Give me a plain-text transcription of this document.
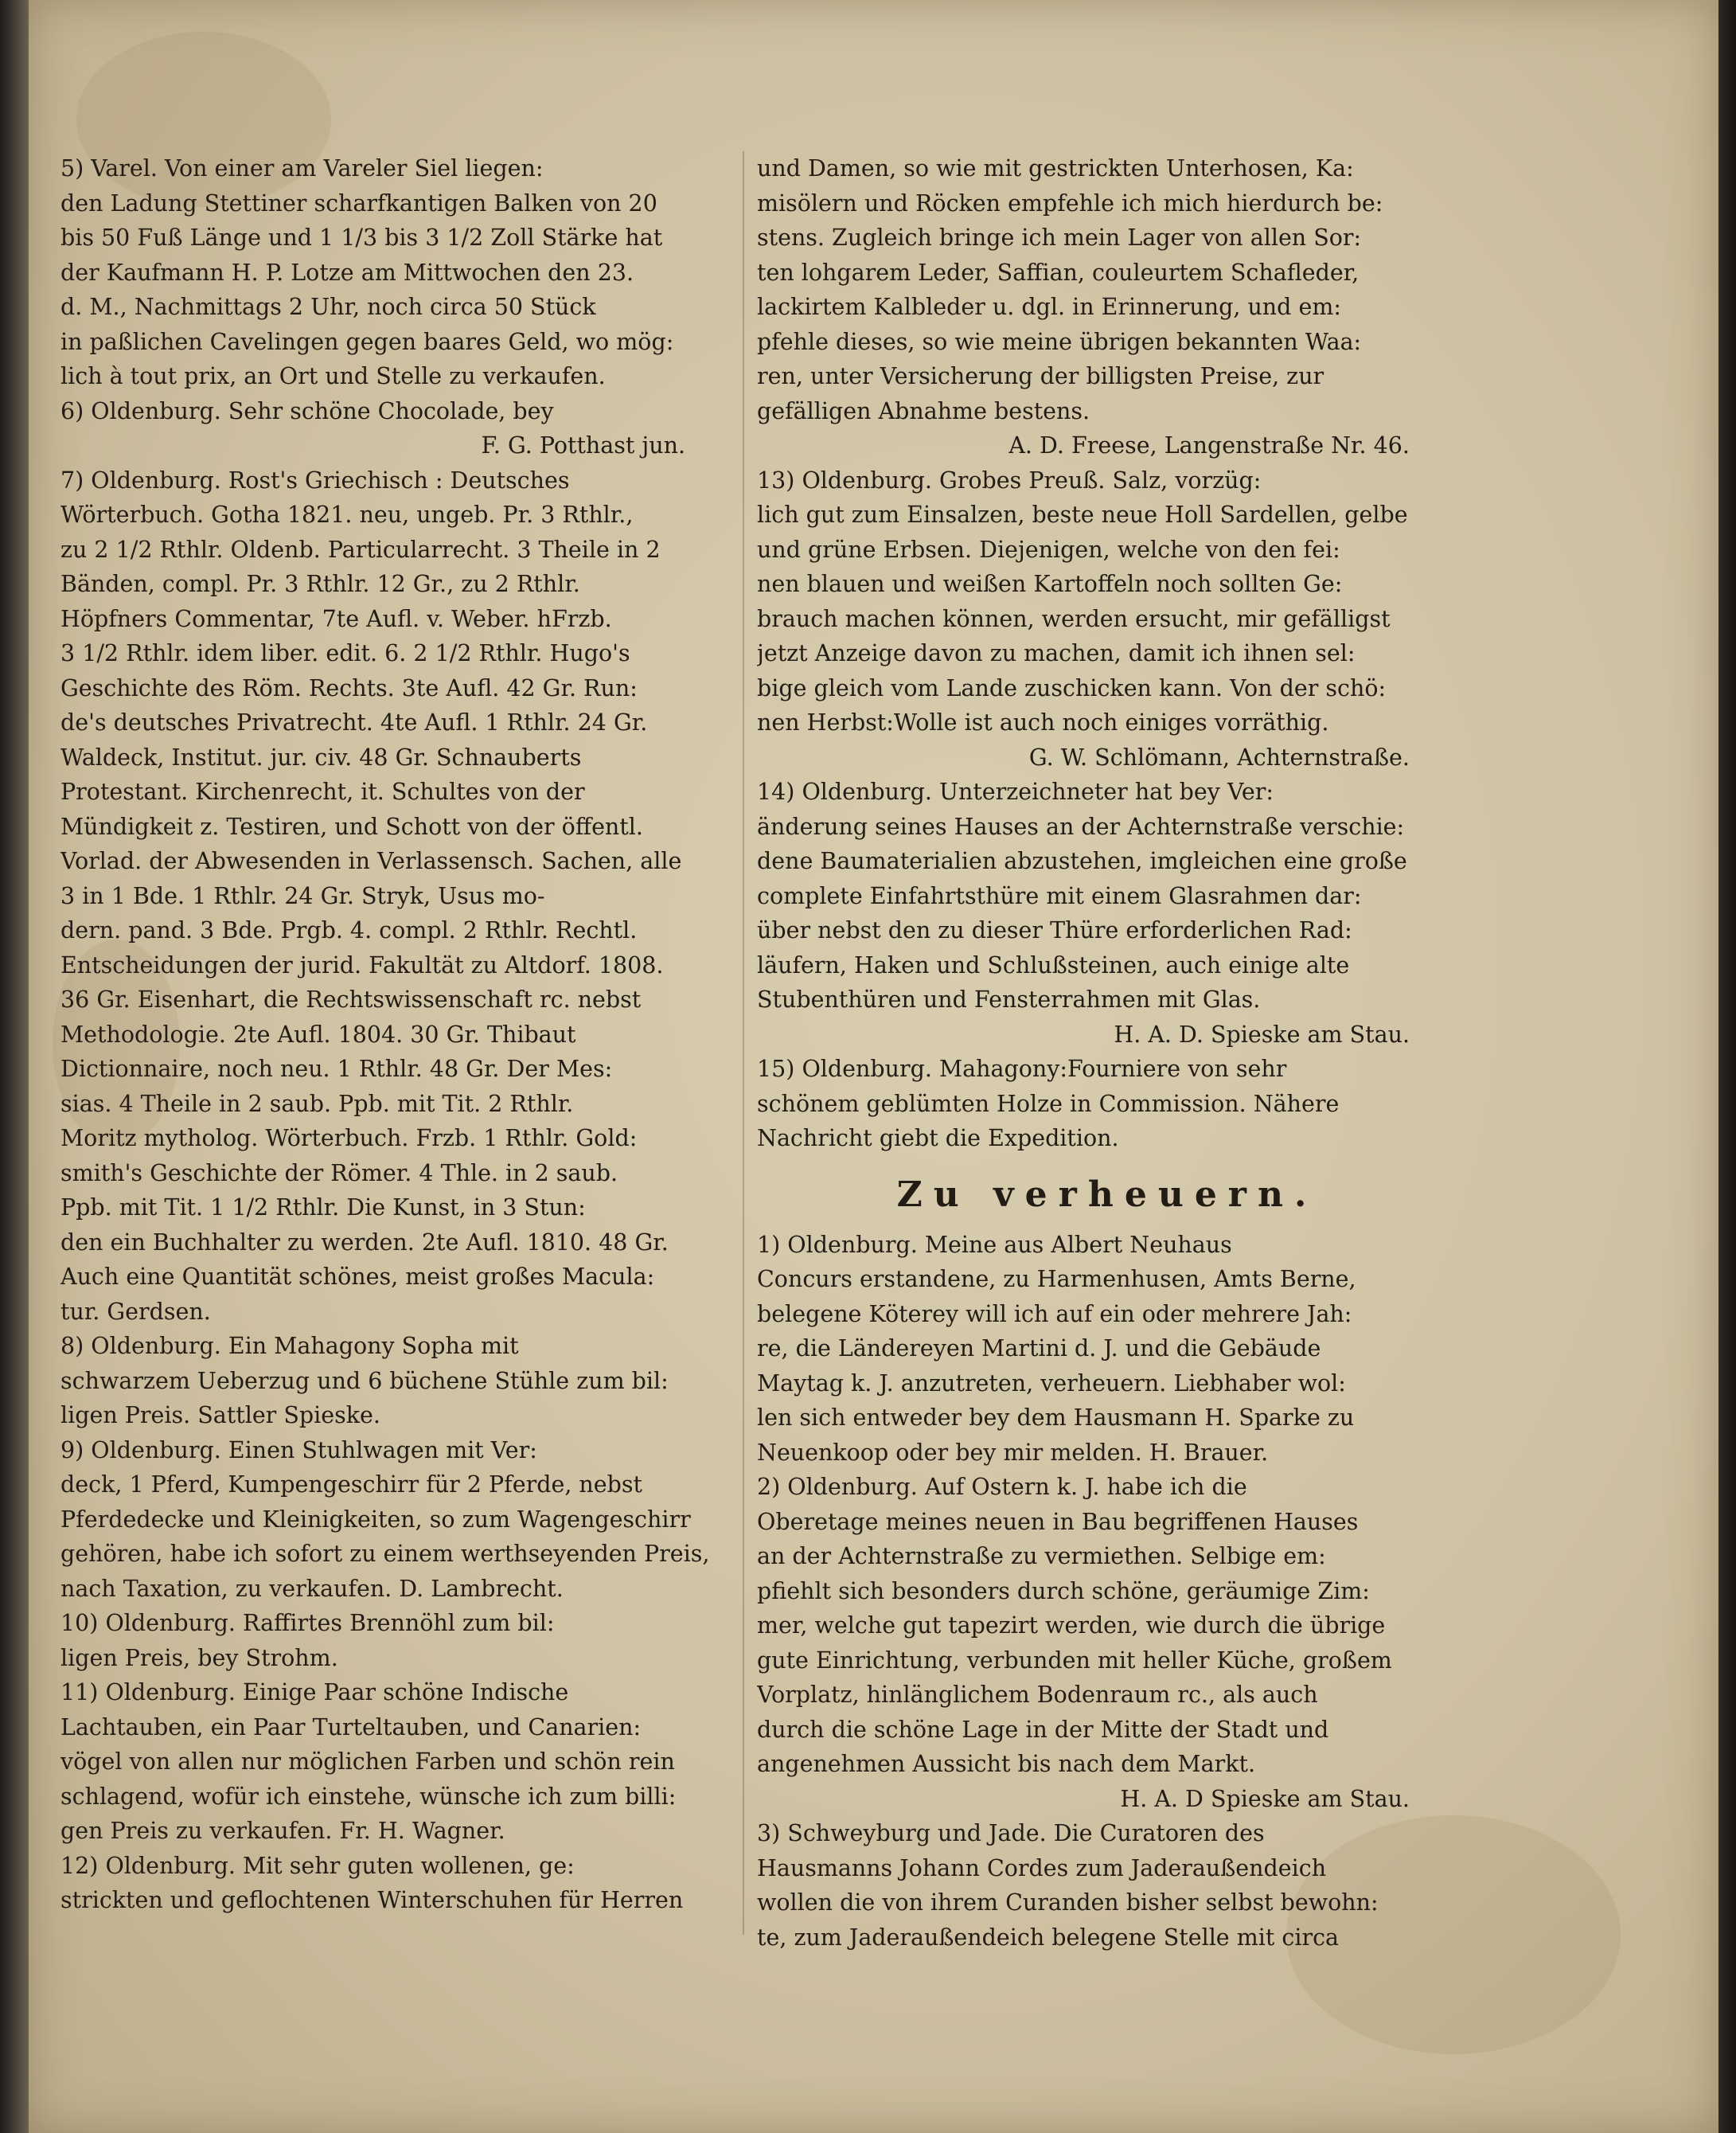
5) Varel. Von einer am Vareler Siel liegen:
den Ladung Stettiner scharfkantigen Balken von 20
bis 50 Fuß Länge und 1 1/3 bis 3 1/2 Zoll Stärke hat
der Kaufmann H. P. Lotze am Mittwochen den 23.
d. M., Nachmittags 2 Uhr, noch circa 50 Stück
in paßlichen Cavelingen gegen baares Geld, wo mög:
lich à tout prix, an Ort und Stelle zu verkaufen.
6) Oldenburg. Sehr schöne Chocolade, bey
F. G. Potthast jun.
7) Oldenburg. Rost's Griechisch : Deutsches
Wörterbuch. Gotha 1821. neu, ungeb. Pr. 3 Rthlr.,
zu 2 1/2 Rthlr. Oldenb. Particularrecht. 3 Theile in 2
Bänden, compl. Pr. 3 Rthlr. 12 Gr., zu 2 Rthlr.
Höpfners Commentar, 7te Aufl. v. Weber. hFrzb.
3 1/2 Rthlr. idem liber. edit. 6. 2 1/2 Rthlr. Hugo's
Geschichte des Röm. Rechts. 3te Aufl. 42 Gr. Run:
de's deutsches Privatrecht. 4te Aufl. 1 Rthlr. 24 Gr.
Waldeck, Institut. jur. civ. 48 Gr. Schnauberts
Protestant. Kirchenrecht, it. Schultes von der
Mündigkeit z. Testiren, und Schott von der öffentl.
Vorlad. der Abwesenden in Verlassensch. Sachen, alle
3 in 1 Bde. 1 Rthlr. 24 Gr. Stryk, Usus mo-
dern. pand. 3 Bde. Prgb. 4. compl. 2 Rthlr. Rechtl.
Entscheidungen der jurid. Fakultät zu Altdorf. 1808.
36 Gr. Eisenhart, die Rechtswissenschaft rc. nebst
Methodologie. 2te Aufl. 1804. 30 Gr. Thibaut
Dictionnaire, noch neu. 1 Rthlr. 48 Gr. Der Mes:
sias. 4 Theile in 2 saub. Ppb. mit Tit. 2 Rthlr.
Moritz mytholog. Wörterbuch. Frzb. 1 Rthlr. Gold:
smith's Geschichte der Römer. 4 Thle. in 2 saub.
Ppb. mit Tit. 1 1/2 Rthlr. Die Kunst, in 3 Stun:
den ein Buchhalter zu werden. 2te Aufl. 1810. 48 Gr.
Auch eine Quantität schönes, meist großes Macula:
tur. Gerdsen.
8) Oldenburg. Ein Mahagony Sopha mit
schwarzem Ueberzug und 6 büchene Stühle zum bil:
ligen Preis. Sattler Spieske.
9) Oldenburg. Einen Stuhlwagen mit Ver:
deck, 1 Pferd, Kumpengeschirr für 2 Pferde, nebst
Pferdedecke und Kleinigkeiten, so zum Wagengeschirr
gehören, habe ich sofort zu einem werthseyenden Preis,
nach Taxation, zu verkaufen. D. Lambrecht.
10) Oldenburg. Raffirtes Brennöhl zum bil:
ligen Preis, bey Strohm.
11) Oldenburg. Einige Paar schöne Indische
Lachtauben, ein Paar Turteltauben, und Canarien:
vögel von allen nur möglichen Farben und schön rein
schlagend, wofür ich einstehe, wünsche ich zum billi:
gen Preis zu verkaufen. Fr. H. Wagner.
12) Oldenburg. Mit sehr guten wollenen, ge:
strickten und geflochtenen Winterschuhen für Herren
und Damen, so wie mit gestrickten Unterhosen, Ka:
misölern und Röcken empfehle ich mich hierdurch be:
stens. Zugleich bringe ich mein Lager von allen Sor:
ten lohgarem Leder, Saffian, couleurtem Schafleder,
lackirtem Kalbleder u. dgl. in Erinnerung, und em:
pfehle dieses, so wie meine übrigen bekannten Waa:
ren, unter Versicherung der billigsten Preise, zur
gefälligen Abnahme bestens.
A. D. Freese, Langenstraße Nr. 46.
13) Oldenburg. Grobes Preuß. Salz, vorzüg:
lich gut zum Einsalzen, beste neue Holl Sardellen, gelbe
und grüne Erbsen. Diejenigen, welche von den fei:
nen blauen und weißen Kartoffeln noch sollten Ge:
brauch machen können, werden ersucht, mir gefälligst
jetzt Anzeige davon zu machen, damit ich ihnen sel:
bige gleich vom Lande zuschicken kann. Von der schö:
nen Herbst:Wolle ist auch noch einiges vorräthig.
G. W. Schlömann, Achternstraße.
14) Oldenburg. Unterzeichneter hat bey Ver:
änderung seines Hauses an der Achternstraße verschie:
dene Baumaterialien abzustehen, imgleichen eine große
complete Einfahrtsthüre mit einem Glasrahmen dar:
über nebst den zu dieser Thüre erforderlichen Rad:
läufern, Haken und Schlußsteinen, auch einige alte
Stubenthüren und Fensterrahmen mit Glas.
H. A. D. Spieske am Stau.
15) Oldenburg. Mahagony:Fourniere von sehr
schönem geblümten Holze in Commission. Nähere
Nachricht giebt die Expedition.
Zu verheuern.
1) Oldenburg. Meine aus Albert Neuhaus
Concurs erstandene, zu Harmenhusen, Amts Berne,
belegene Köterey will ich auf ein oder mehrere Jah:
re, die Ländereyen Martini d. J. und die Gebäude
Maytag k. J. anzutreten, verheuern. Liebhaber wol:
len sich entweder bey dem Hausmann H. Sparke zu
Neuenkoop oder bey mir melden. H. Brauer.
2) Oldenburg. Auf Ostern k. J. habe ich die
Oberetage meines neuen in Bau begriffenen Hauses
an der Achternstraße zu vermiethen. Selbige em:
pfiehlt sich besonders durch schöne, geräumige Zim:
mer, welche gut tapezirt werden, wie durch die übrige
gute Einrichtung, verbunden mit heller Küche, großem
Vorplatz, hinlänglichem Bodenraum rc., als auch
durch die schöne Lage in der Mitte der Stadt und
angenehmen Aussicht bis nach dem Markt.
H. A. D Spieske am Stau.
3) Schweyburg und Jade. Die Curatoren des
Hausmanns Johann Cordes zum Jaderaußendeich
wollen die von ihrem Curanden bisher selbst bewohn:
te, zum Jaderaußendeich belegene Stelle mit circa
